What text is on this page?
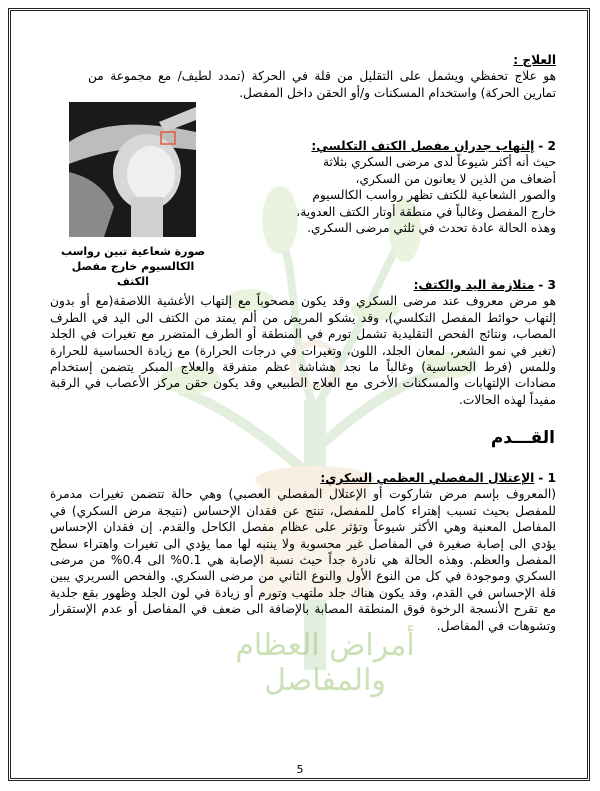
أمراض العظام والمفاصل

العلاج :

هو علاج تحفظي ويشمل على التقليل من قلة في الحركة (تمدد لطيف/ مع مجموعة من تمارين الحركة) واستخدام المسكنات و/أو الحقن داخل المفصل.

صورة شعاعية تبين رواسب الكالسيوم خارج مفصل الكتف

2 - إلتهاب جدران مفصل الكتف التكلسي:

حيث أنه أكثر شيوعاً لدى مرضى السكري بثلاثة

أضعاف من الذين لا يعانون من السكري،

والصور الشعاعية للكتف تظهر رواسب الكالسيوم

خارج المفصل وغالباً في منطقة أوتار الكتف العدوية،

وهذه الحالة عادة تحدث في ثلثي مرضى السكري.

3 - متلازمة اليد والكتف:

هو مرض معروف عند مرضى السكري وقد يكون مصحوباً مع إلتهاب الأغشية اللاصقة(مع أو بدون إلتهاب حوائط المفصل التكلسي)، وقد يشكو المريض من ألم يمتد من الكتف الى اليد في الطرف المصاب، ونتائج الفحص التقليدية تشمل تورم في المنطقة أو الطرف المتضرر مع تغيرات في الجلد (تغير في نمو الشعر، لمعان الجلد، اللون، وتغيرات في درجات الحرارة) مع زيادة الحساسية للحرارة وللمس (فرط الحساسية) وغالباً ما نجد هشاشة عظم متفرقة والعلاج المبكر يتضمن إستخدام مضادات الإلتهابات والمسكنات الأخرى مع العلاج الطبيعي وقد يكون حقن مركز الأعصاب في الرقبة مفيداً لهذه الحالات.

القـــدم

1 - الإعتلال المفصلي العظمي السكري:

(المعروف بإسم مرض شاركوت أو الإعتلال المفصلي العصبي) وهي حالة تتضمن تغيرات مدمرة للمفصل بحيث تسبب إهتراء كامل للمفصل، تنتج عن فقدان الإحساس (نتيجة مرض السكري) في المفاصل المعنية وهي الأكثر شيوعاً وتؤثر على عظام مفصل الكاحل والقدم. إن فقدان الإحساس يؤدي الى إصابة صغيرة في المفاصل غير محسوبة ولا ينتبه لها مما يؤدي الى تغيرات واهتراء سطح المفصل والعظم. وهذه الحالة هي نادرة جداً حيث نسبة الإصابة هي 0.1% الى 0.4% من مرضى السكري وموجودة في كل من النوع الأول والنوع الثاني من مرضى السكري. والفحص السريري يبين قلة الإحساس في القدم، وقد يكون هناك جلد ملتهب وتورم أو زيادة في لون الجلد وظهور بقع جلدية مع تقرح الأنسجة الرخوة فوق المنطقة المصابة بالإضافة الى ضعف في المفاصل أو عدم الإستقرار وتشوهات في المفاصل.

5
